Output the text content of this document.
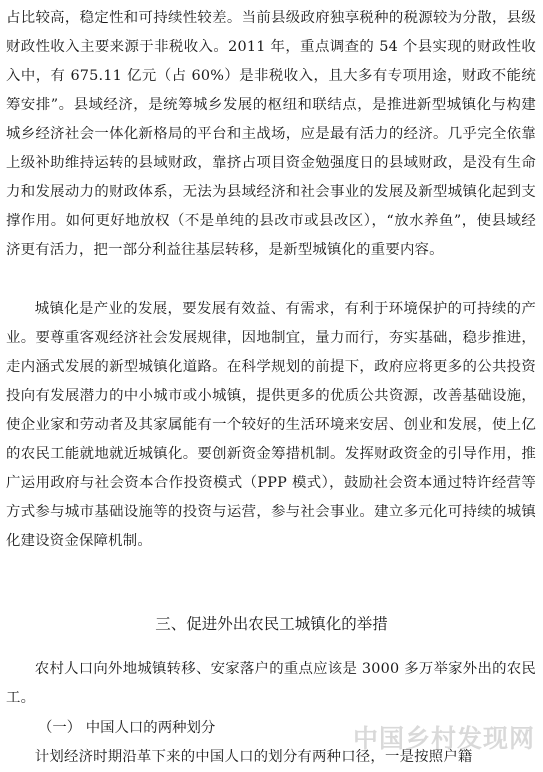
占比较高，稳定性和可持续性较差。当前县级政府独享税种的税源较为分散，县级财政性收入主要来源于非税收入。2011 年，重点调查的 54 个县实现的财政性收入中，有 675.11 亿元（占 60%）是非税收入，且大多有专项用途，财政不能统筹安排”。县域经济，是统筹城乡发展的枢纽和联结点，是推进新型城镇化与构建城乡经济社会一体化新格局的平台和主战场，应是最有活力的经济。几乎完全依靠上级补助维持运转的县域财政，靠挤占项目资金勉强度日的县域财政，是没有生命力和发展动力的财政体系，无法为县域经济和社会事业的发展及新型城镇化起到支撑作用。如何更好地放权（不是单纯的县改市或县改区），“放水养鱼”，使县域经济更有活力，把一部分利益往基层转移，是新型城镇化的重要内容。

城镇化是产业的发展，要发展有效益、有需求，有利于环境保护的可持续的产业。要尊重客观经济社会发展规律，因地制宜，量力而行，夯实基础，稳步推进，走内涵式发展的新型城镇化道路。在科学规划的前提下，政府应将更多的公共投资投向有发展潜力的中小城市或小城镇，提供更多的优质公共资源，改善基础设施，使企业家和劳动者及其家属能有一个较好的生活环境来安居、创业和发展，使上亿的农民工能就地就近城镇化。要创新资金筹措机制。发挥财政资金的引导作用，推广运用政府与社会资本合作投资模式（PPP 模式），鼓励社会资本通过特许经营等方式参与城市基础设施等的投资与运营，参与社会事业。建立多元化可持续的城镇化建设资金保障机制。

三、促进外出农民工城镇化的举措

农村人口向外地城镇转移、安家落户的重点应该是 3000 多万举家外出的农民工。

（一） 中国人口的两种划分

计划经济时期沿革下来的中国人口的划分有两种口径，一是按照户籍

中国乡村发现网
